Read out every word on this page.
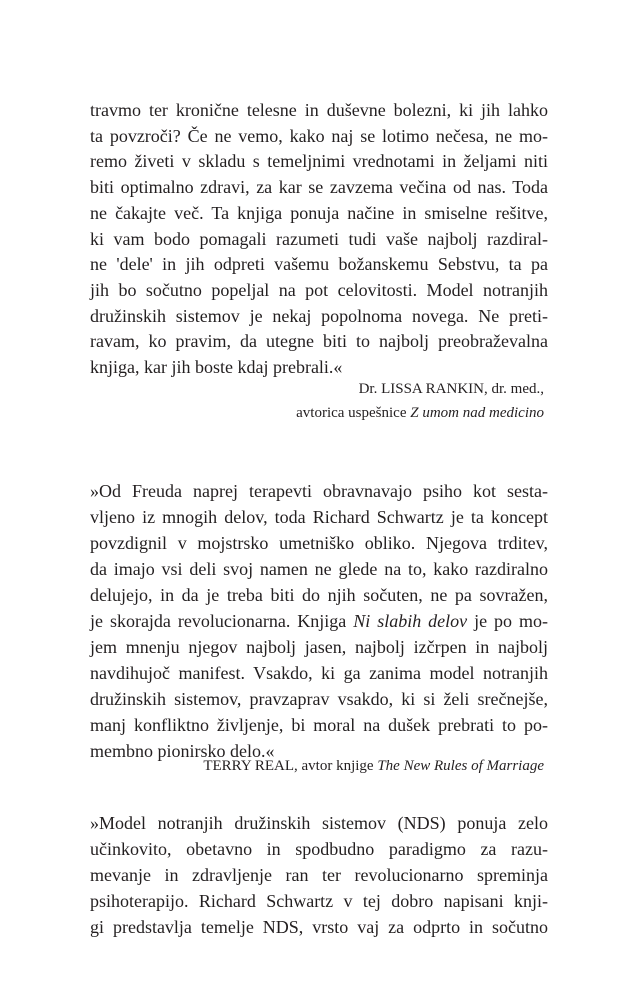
travmo ter kronične telesne in duševne bolezni, ki jih lahko
ta povzroči? Če ne vemo, kako naj se lotimo nečesa, ne mo-
remo živeti v skladu s temeljnimi vrednotami in željami niti
biti optimalno zdravi, za kar se zavzema večina od nas. Toda
ne čakajte več. Ta knjiga ponuja načine in smiselne rešitve,
ki vam bodo pomagali razumeti tudi vaše najbolj razdiral-
ne 'dele' in jih odpreti vašemu božanskemu Sebstvu, ta pa
jih bo sočutno popeljal na pot celovitosti. Model notranjih
družinskih sistemov je nekaj popolnoma novega. Ne preti-
ravam, ko pravim, da utegne biti to najbolj preobraževalna
knjiga, kar jih boste kdaj prebrali.«
Dr. LISSA RANKIN, dr. med.,
avtorica uspešnice Z umom nad medicino
»Od Freuda naprej terapevti obravnavajo psiho kot sesta-
vljeno iz mnogih delov, toda Richard Schwartz je ta koncept
povzdignil v mojstrsko umetniško obliko. Njegova trditev,
da imajo vsi deli svoj namen ne glede na to, kako razdiralno
delujejo, in da je treba biti do njih sočuten, ne pa sovražen,
je skorajda revolucionarna. Knjiga Ni slabih delov je po mo-
jem mnenju njegov najbolj jasen, najbolj izčrpen in najbolj
navdihujoč manifest. Vsakdo, ki ga zanima model notranjih
družinskih sistemov, pravzaprav vsakdo, ki si želi srečnejše,
manj konfliktno življenje, bi moral na dušek prebrati to po-
membno pionirsko delo.«
TERRY REAL, avtor knjige The New Rules of Marriage
»Model notranjih družinskih sistemov (NDS) ponuja zelo
učinkovito, obetavno in spodbudno paradigmo za razu-
mevanje in zdravljenje ran ter revolucionarno spreminja
psihoterapijo. Richard Schwartz v tej dobro napisani knji-
gi predstavlja temelje NDS, vrsto vaj za odprto in sočutno
